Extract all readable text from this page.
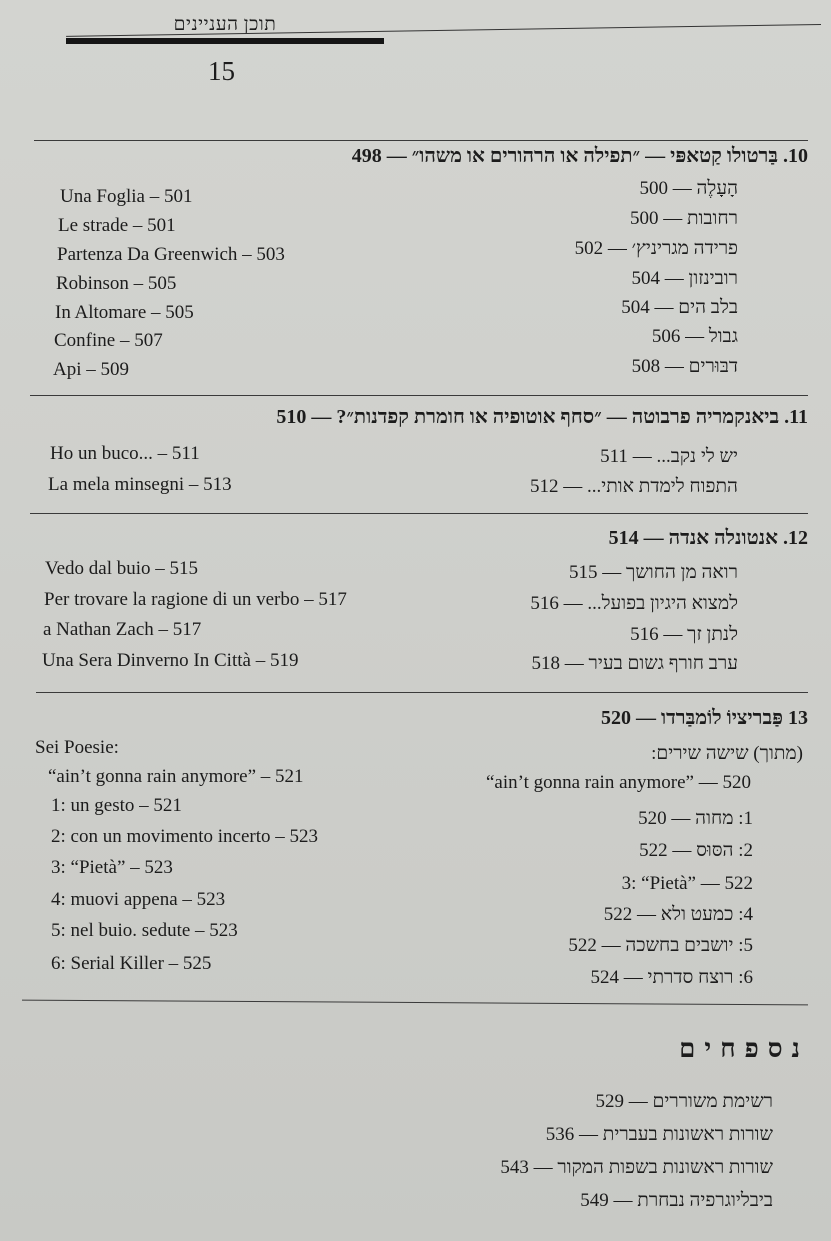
תוכן העניינים
15
10. בַּרטולו קַטאפּי — ״תפילה או הרהורים או משהו״ — 498
הָעָלֶה — 500
רחובות — 500
פרידה מגריניץ׳ — 502
רובינזון — 504
בלב הים — 504
גבול — 506
דבּוּרים — 508
Una Foglia – 501
Le strade – 501
Partenza Da Greenwich – 503
Robinson – 505
In Altomare – 505
Confine – 507
Api – 509
11. ביאנקמריה פרבוטה — ״סחף אוטופיה או חומרת קפדנות״? — 510
יש לי נקב... — 511
התפוח לימדת אותי... — 512
Ho un buco... – 511
La mela minsegni – 513
12. אנטונלה אנדה — 514
רואה מן החושך — 515
למצוא היגיון בפועל... — 516
לנתן זך — 516
ערב חורף גשום בעיר — 518
Vedo dal buio – 515
Per trovare la ragione di un verbo – 517
a Nathan Zach – 517
Una Sera Dinverno In Città – 519
13 פַּבריציוֹ לוֹמבַּרדו — 520
(מתוך) שישה שירים:
“ain’t gonna rain anymore” — 520
1: מחוה — 520
2: הסּוּס — 522
3: “Pietà” — 522
4: כמעט ולא — 522
5: יושבים בחשכה — 522
6: רוצח סדרתי — 524
Sei Poesie:
“ain’t gonna rain anymore” – 521
1: un gesto – 521
2: con un movimento incerto – 523
3: “Pietà” – 523
4: muovi appena – 523
5: nel buio. sedute – 523
6: Serial Killer – 525
נספחים
רשימת משוררים — 529
שורות ראשונות בעברית — 536
שורות ראשונות בשפות המקור — 543
ביבליוגרפיה נבחרת — 549
